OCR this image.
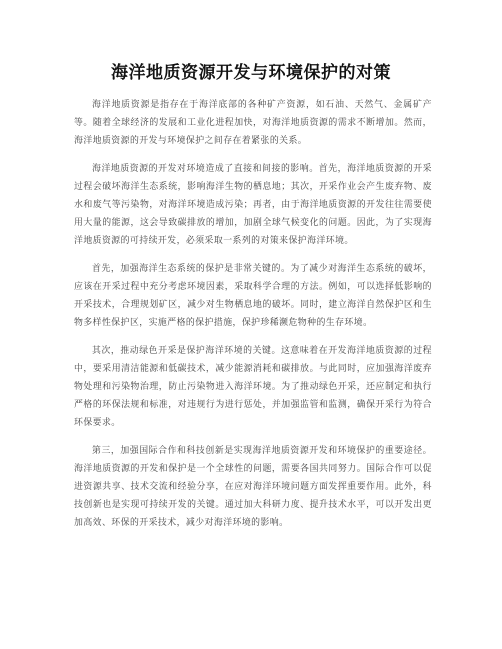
海洋地质资源开发与环境保护的对策

海洋地质资源是指存在于海洋底部的各种矿产资源，如石油、天然气、金属矿产等。随着全球经济的发展和工业化进程加快，对海洋地质资源的需求不断增加。然而，海洋地质资源的开发与环境保护之间存在着紧张的关系。

海洋地质资源的开发对环境造成了直接和间接的影响。首先，海洋地质资源的开采过程会破坏海洋生态系统，影响海洋生物的栖息地；其次，开采作业会产生废弃物、废水和废气等污染物，对海洋环境造成污染；再者，由于海洋地质资源的开发往往需要使用大量的能源，这会导致碳排放的增加，加剧全球气候变化的问题。因此，为了实现海洋地质资源的可持续开发，必须采取一系列的对策来保护海洋环境。

首先，加强海洋生态系统的保护是非常关键的。为了减少对海洋生态系统的破坏，应该在开采过程中充分考虑环境因素，采取科学合理的方法。例如，可以选择低影响的开采技术，合理规划矿区，减少对生物栖息地的破坏。同时，建立海洋自然保护区和生物多样性保护区，实施严格的保护措施，保护珍稀濒危物种的生存环境。

其次，推动绿色开采是保护海洋环境的关键。这意味着在开发海洋地质资源的过程中，要采用清洁能源和低碳技术，减少能源消耗和碳排放。与此同时，应加强海洋废弃物处理和污染物治理，防止污染物进入海洋环境。为了推动绿色开采，还应制定和执行严格的环保法规和标准，对违规行为进行惩处，并加强监管和监测，确保开采行为符合环保要求。

第三，加强国际合作和科技创新是实现海洋地质资源开发和环境保护的重要途径。海洋地质资源的开发和保护是一个全球性的问题，需要各国共同努力。国际合作可以促进资源共享、技术交流和经验分享，在应对海洋环境问题方面发挥重要作用。此外，科技创新也是实现可持续开发的关键。通过加大科研力度、提升技术水平，可以开发出更加高效、环保的开采技术，减少对海洋环境的影响。
